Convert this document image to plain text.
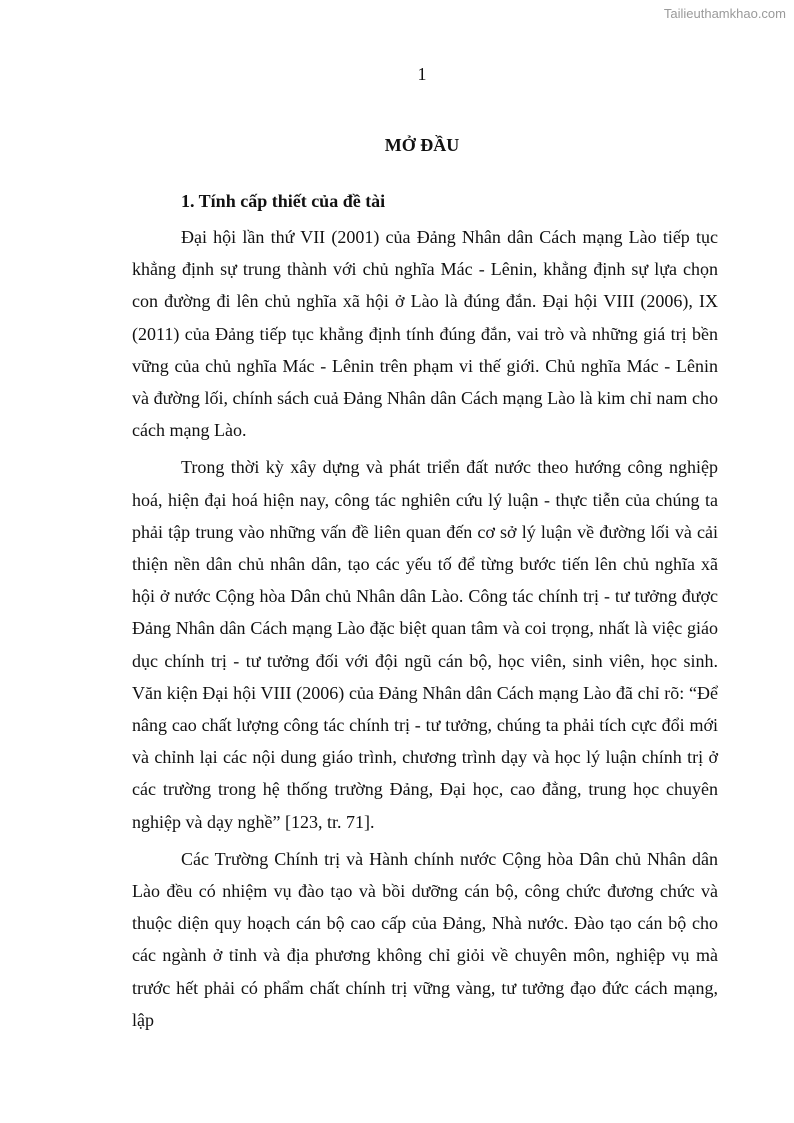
Tailieuthamkhao.com
1
MỞ ĐẦU
1. Tính cấp thiết của đề tài

Đại hội lần thứ VII (2001) của Đảng Nhân dân Cách mạng Lào tiếp tục khẳng định sự trung thành với chủ nghĩa Mác - Lênin, khẳng định sự lựa chọn con đường đi lên chủ nghĩa xã hội ở Lào là đúng đắn. Đại hội VIII (2006), IX (2011) của Đảng tiếp tục khẳng định tính đúng đắn, vai trò và những giá trị bền vững của chủ nghĩa Mác - Lênin trên phạm vi thế giới. Chủ nghĩa Mác - Lênin và đường lối, chính sách cuả Đảng Nhân dân Cách mạng Lào là kim chỉ nam cho cách mạng Lào.

Trong thời kỳ xây dựng và phát triển đất nước theo hướng công nghiệp hoá, hiện đại hoá hiện nay, công tác nghiên cứu lý luận - thực tiễn của chúng ta phải tập trung vào những vấn đề liên quan đến cơ sở lý luận về đường lối và cải thiện nền dân chủ nhân dân, tạo các yếu tố để từng bước tiến lên chủ nghĩa xã hội ở nước Cộng hòa Dân chủ Nhân dân Lào. Công tác chính trị - tư tưởng được Đảng Nhân dân Cách mạng Lào đặc biệt quan tâm và coi trọng, nhất là việc giáo dục chính trị - tư tưởng đối với đội ngũ cán bộ, học viên, sinh viên, học sinh. Văn kiện Đại hội VIII (2006) của Đảng Nhân dân Cách mạng Lào đã chỉ rõ: “Để nâng cao chất lượng công tác chính trị - tư tưởng, chúng ta phải tích cực đổi mới và chỉnh lại các nội dung giáo trình, chương trình dạy và học lý luận chính trị ở các trường trong hệ thống trường Đảng, Đại học, cao đẳng, trung học chuyên nghiệp và dạy nghề” [123, tr. 71].

Các Trường Chính trị và Hành chính nước Cộng hòa Dân chủ Nhân dân Lào đều có nhiệm vụ đào tạo và bồi dưỡng cán bộ, công chức đương chức và thuộc diện quy hoạch cán bộ cao cấp của Đảng, Nhà nước. Đào tạo cán bộ cho các ngành ở tỉnh và địa phương không chỉ giỏi về chuyên môn, nghiệp vụ mà trước hết phải có phẩm chất chính trị vững vàng, tư tưởng đạo đức cách mạng, lập
